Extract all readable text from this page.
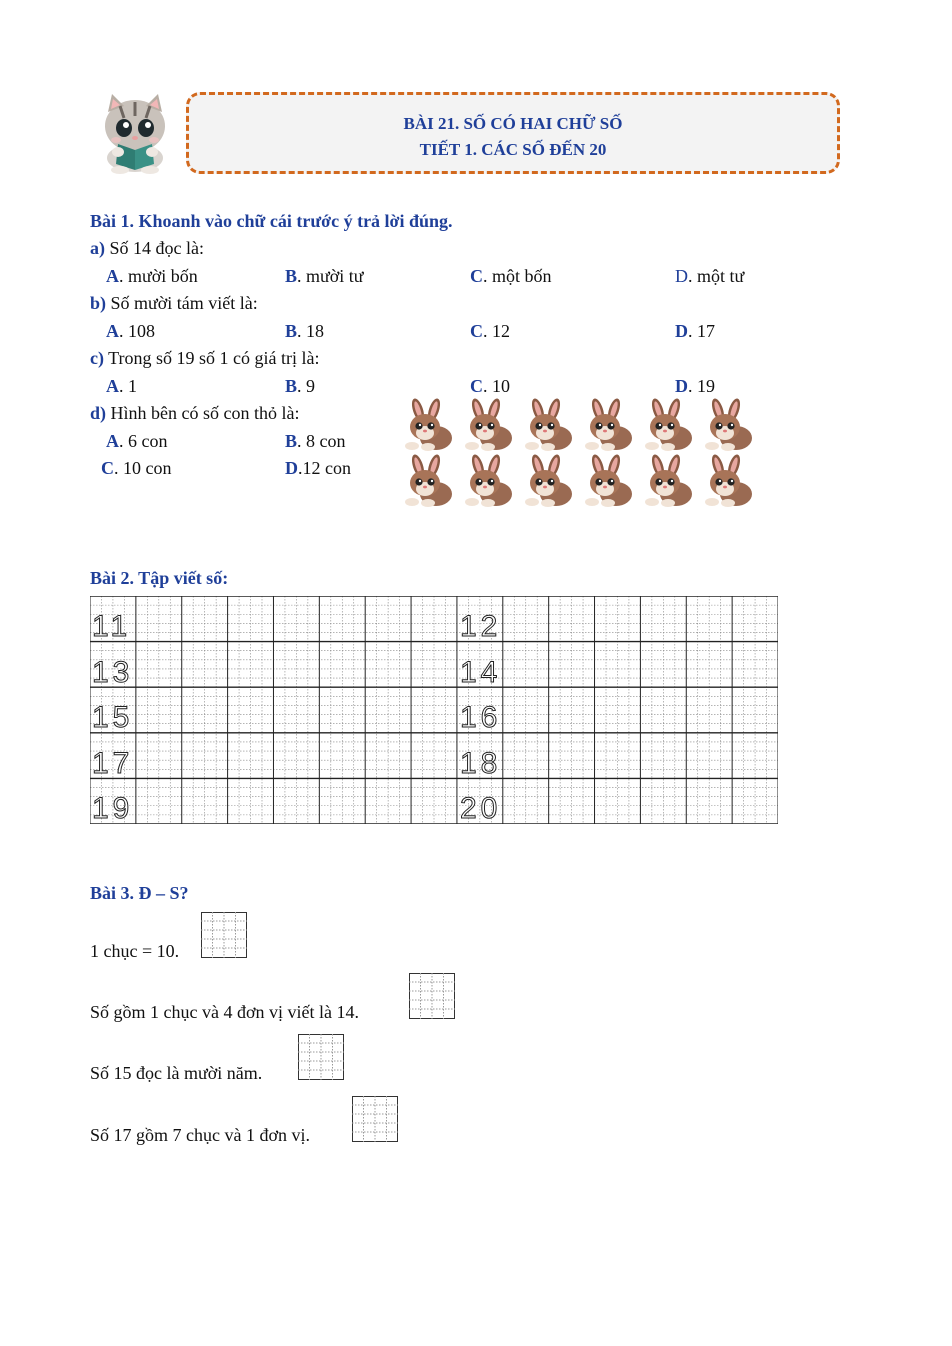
BÀI 21. SỐ CÓ HAI CHỮ SỐ
TIẾT 1. CÁC SỐ ĐẾN 20
Bài 1. Khoanh vào chữ cái trước ý trả lời đúng.
a) Số 14 đọc là:
A. mười bốn	B. mười tư	C. một bốn	D. một tư
b) Số mười tám viết là:
A. 108	B. 18	C. 12	D. 17
c) Trong số 19 số 1 có giá trị là:
A. 1	B. 9	C. 10	D. 19
d) Hình bên có số con thỏ là:
A. 6 con	B. 8 con
C. 10 con	D.12 con
Bài 2. Tập viết số:
11	12
13	14
15	16
17	18
19	20
Bài 3. Đ – S?
1 chục = 10.
Số gồm 1 chục và 4 đơn vị viết là 14.
Số 15 đọc là mười năm.
Số 17 gồm 7 chục và 1 đơn vị.
